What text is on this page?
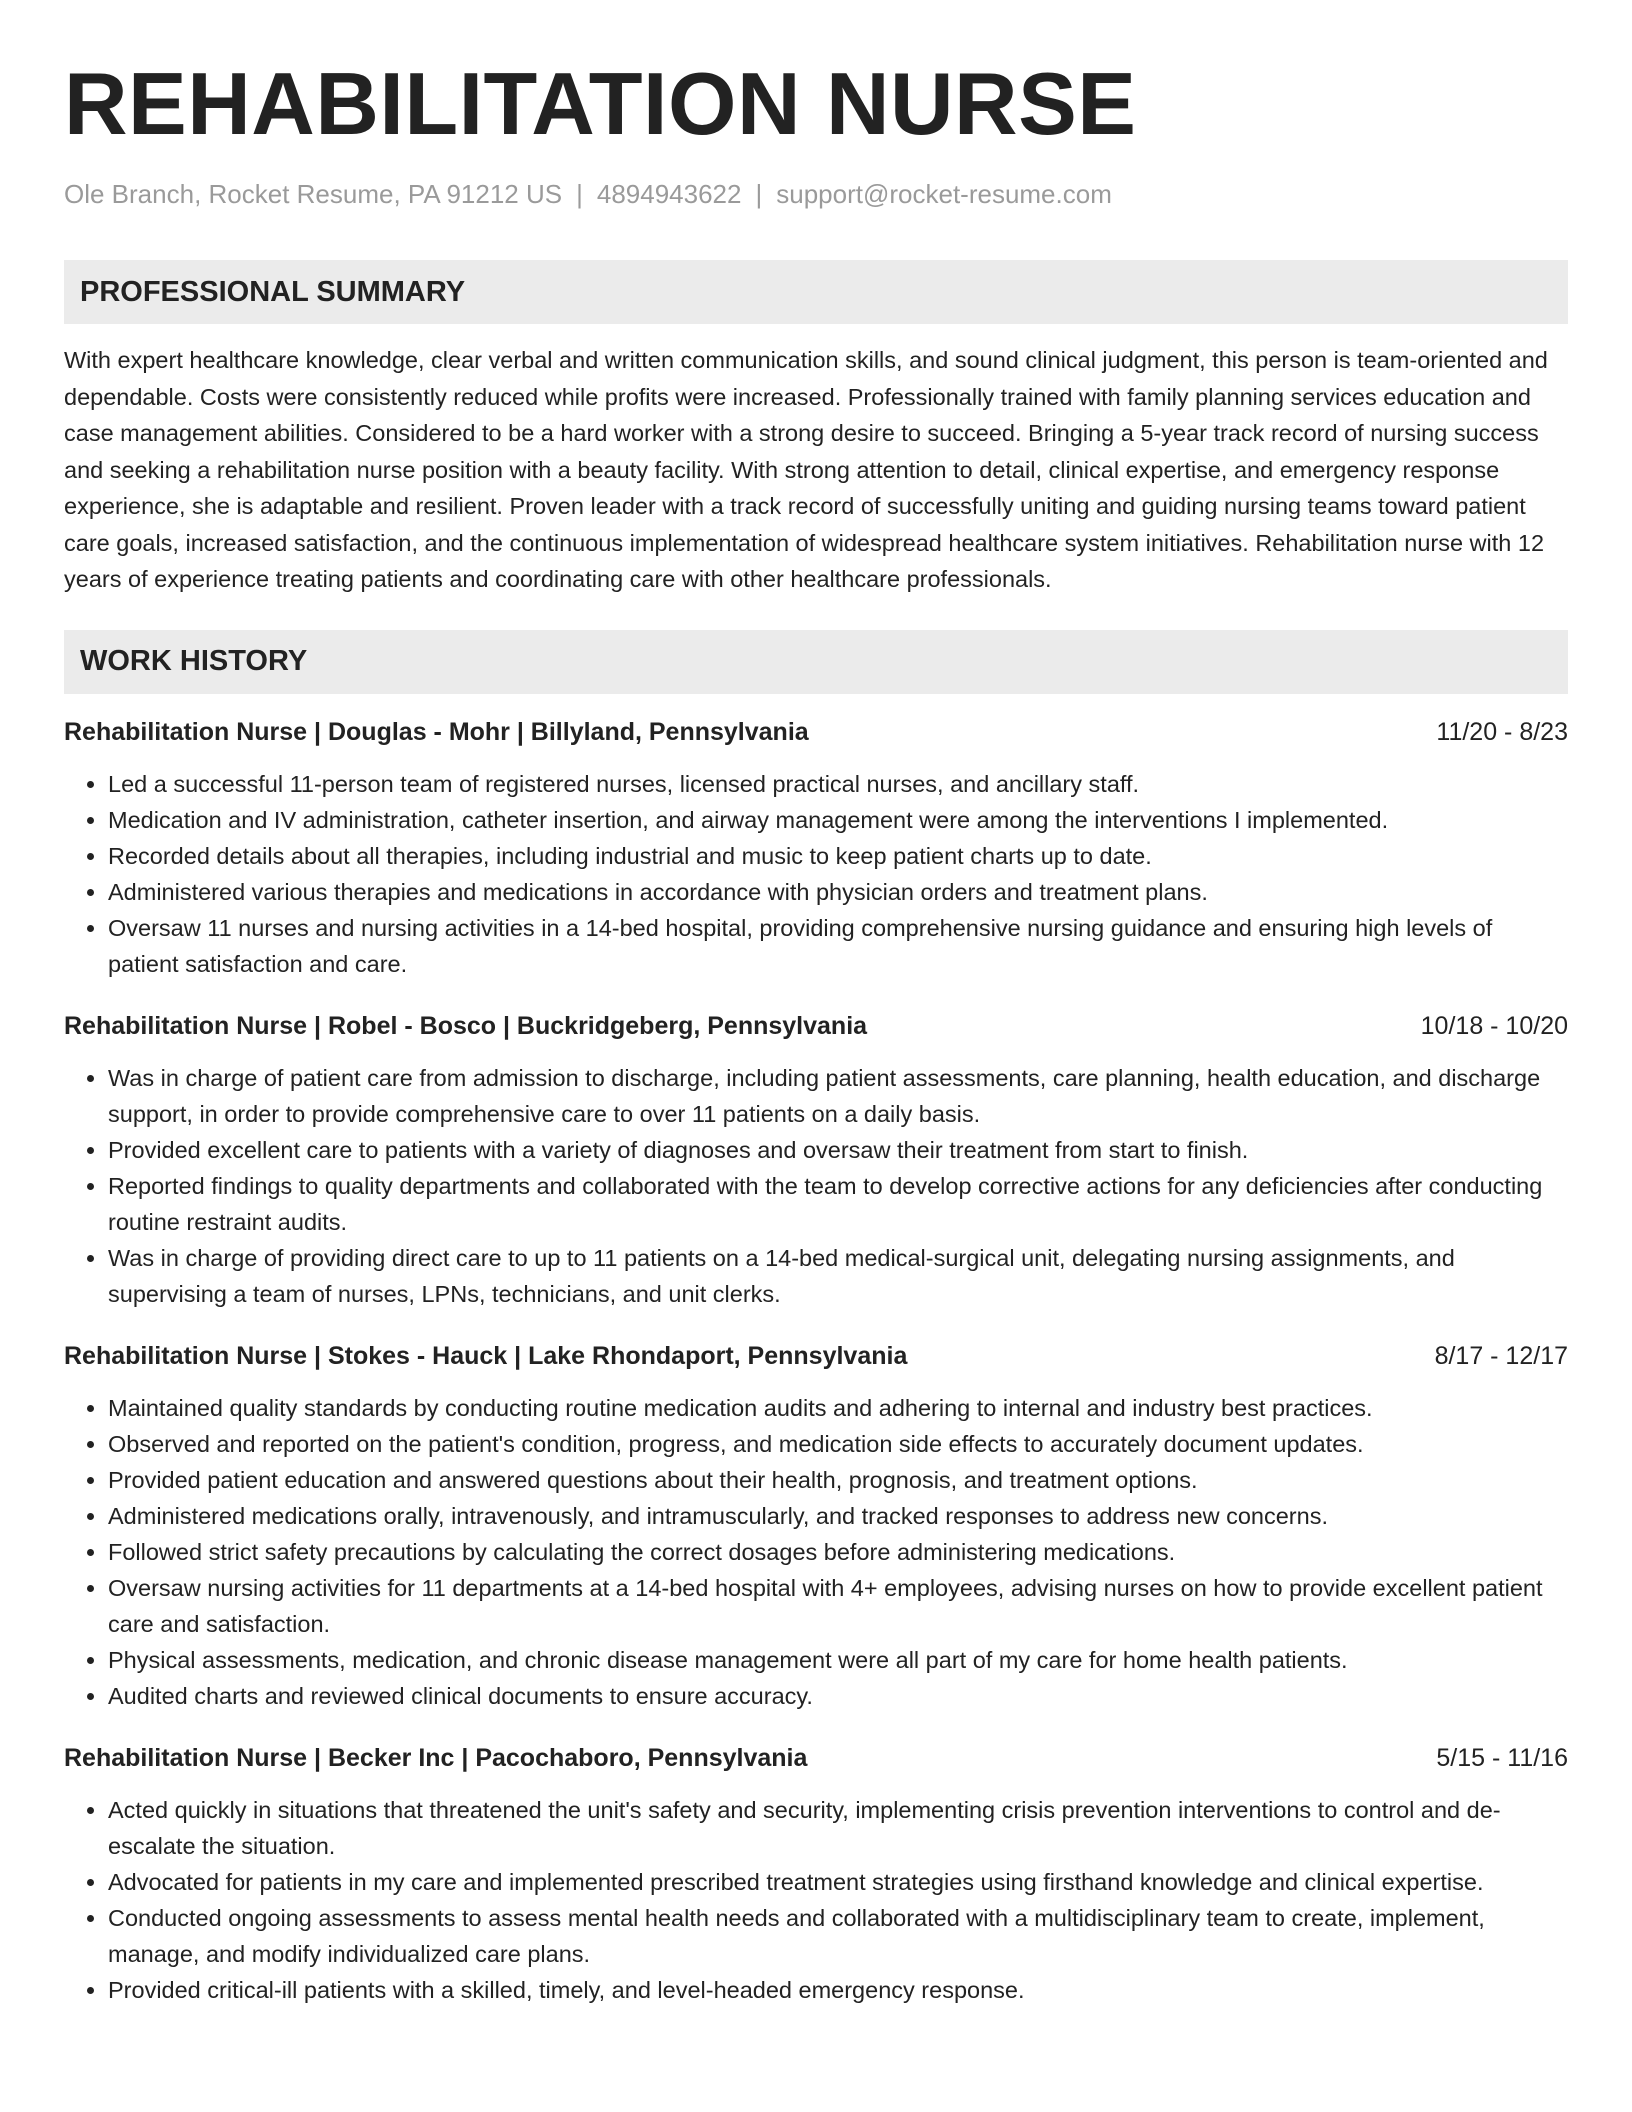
REHABILITATION NURSE
Ole Branch, Rocket Resume, PA 91212 US | 4894943622 | support@rocket-resume.com
PROFESSIONAL SUMMARY
With expert healthcare knowledge, clear verbal and written communication skills, and sound clinical judgment, this person is team-oriented and dependable. Costs were consistently reduced while profits were increased. Professionally trained with family planning services education and case management abilities. Considered to be a hard worker with a strong desire to succeed. Bringing a 5-year track record of nursing success and seeking a rehabilitation nurse position with a beauty facility. With strong attention to detail, clinical expertise, and emergency response experience, she is adaptable and resilient. Proven leader with a track record of successfully uniting and guiding nursing teams toward patient care goals, increased satisfaction, and the continuous implementation of widespread healthcare system initiatives. Rehabilitation nurse with 12 years of experience treating patients and coordinating care with other healthcare professionals.
WORK HISTORY
Rehabilitation Nurse | Douglas - Mohr | Billyland, Pennsylvania	11/20 - 8/23
• Led a successful 11-person team of registered nurses, licensed practical nurses, and ancillary staff.
• Medication and IV administration, catheter insertion, and airway management were among the interventions I implemented.
• Recorded details about all therapies, including industrial and music to keep patient charts up to date.
• Administered various therapies and medications in accordance with physician orders and treatment plans.
• Oversaw 11 nurses and nursing activities in a 14-bed hospital, providing comprehensive nursing guidance and ensuring high levels of patient satisfaction and care.
Rehabilitation Nurse | Robel - Bosco | Buckridgeberg, Pennsylvania	10/18 - 10/20
• Was in charge of patient care from admission to discharge, including patient assessments, care planning, health education, and discharge support, in order to provide comprehensive care to over 11 patients on a daily basis.
• Provided excellent care to patients with a variety of diagnoses and oversaw their treatment from start to finish.
• Reported findings to quality departments and collaborated with the team to develop corrective actions for any deficiencies after conducting routine restraint audits.
• Was in charge of providing direct care to up to 11 patients on a 14-bed medical-surgical unit, delegating nursing assignments, and supervising a team of nurses, LPNs, technicians, and unit clerks.
Rehabilitation Nurse | Stokes - Hauck | Lake Rhondaport, Pennsylvania	8/17 - 12/17
• Maintained quality standards by conducting routine medication audits and adhering to internal and industry best practices.
• Observed and reported on the patient's condition, progress, and medication side effects to accurately document updates.
• Provided patient education and answered questions about their health, prognosis, and treatment options.
• Administered medications orally, intravenously, and intramuscularly, and tracked responses to address new concerns.
• Followed strict safety precautions by calculating the correct dosages before administering medications.
• Oversaw nursing activities for 11 departments at a 14-bed hospital with 4+ employees, advising nurses on how to provide excellent patient care and satisfaction.
• Physical assessments, medication, and chronic disease management were all part of my care for home health patients.
• Audited charts and reviewed clinical documents to ensure accuracy.
Rehabilitation Nurse | Becker Inc | Pacochaboro, Pennsylvania	5/15 - 11/16
• Acted quickly in situations that threatened the unit's safety and security, implementing crisis prevention interventions to control and de-escalate the situation.
• Advocated for patients in my care and implemented prescribed treatment strategies using firsthand knowledge and clinical expertise.
• Conducted ongoing assessments to assess mental health needs and collaborated with a multidisciplinary team to create, implement, manage, and modify individualized care plans.
• Provided critical-ill patients with a skilled, timely, and level-headed emergency response.
